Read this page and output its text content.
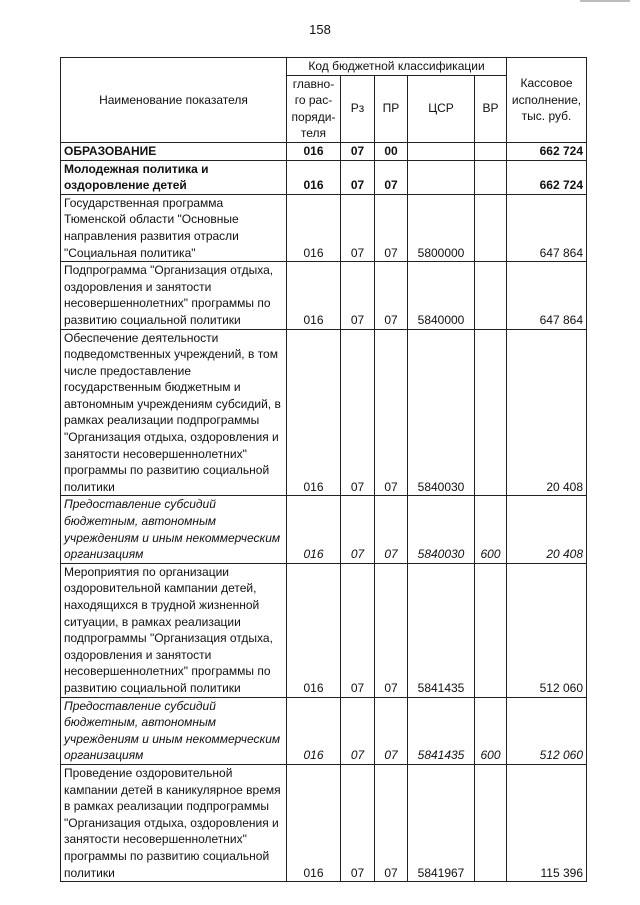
158
Наименование показателя	Код бюджетной классификации					Кассовое исполнение, тыс. руб.
	главно-го рас-поряди-теля	Рз	ПР	ЦСР	ВР	
ОБРАЗОВАНИЕ	016	07	00			662 724
Молодежная политика и оздоровление детей	016	07	07			662 724
Государственная программа Тюменской области "Основные направления развития отрасли "Социальная политика"	016	07	07	5800000		647 864
Подпрограмма "Организация отдыха, оздоровления и занятости несовершеннолетних" программы по развитию социальной политики	016	07	07	5840000		647 864
Обеспечение деятельности подведомственных учреждений, в том числе предоставление государственным бюджетным и автономным учреждениям субсидий, в рамках реализации подпрограммы "Организация отдыха, оздоровления и занятости несовершеннолетних" программы по развитию социальной политики	016	07	07	5840030		20 408
Предоставление субсидий бюджетным, автономным учреждениям и иным некоммерческим организациям	016	07	07	5840030	600	20 408
Мероприятия по организации оздоровительной кампании детей, находящихся в трудной жизненной ситуации, в рамках реализации подпрограммы "Организация отдыха, оздоровления и занятости несовершеннолетних" программы по развитию социальной политики	016	07	07	5841435		512 060
Предоставление субсидий бюджетным, автономным учреждениям и иным некоммерческим организациям	016	07	07	5841435	600	512 060
Проведение оздоровительной кампании детей в каникулярное время в рамках реализации подпрограммы "Организация отдыха, оздоровления и занятости несовершеннолетних" программы по развитию социальной политики	016	07	07	5841967		115 396
